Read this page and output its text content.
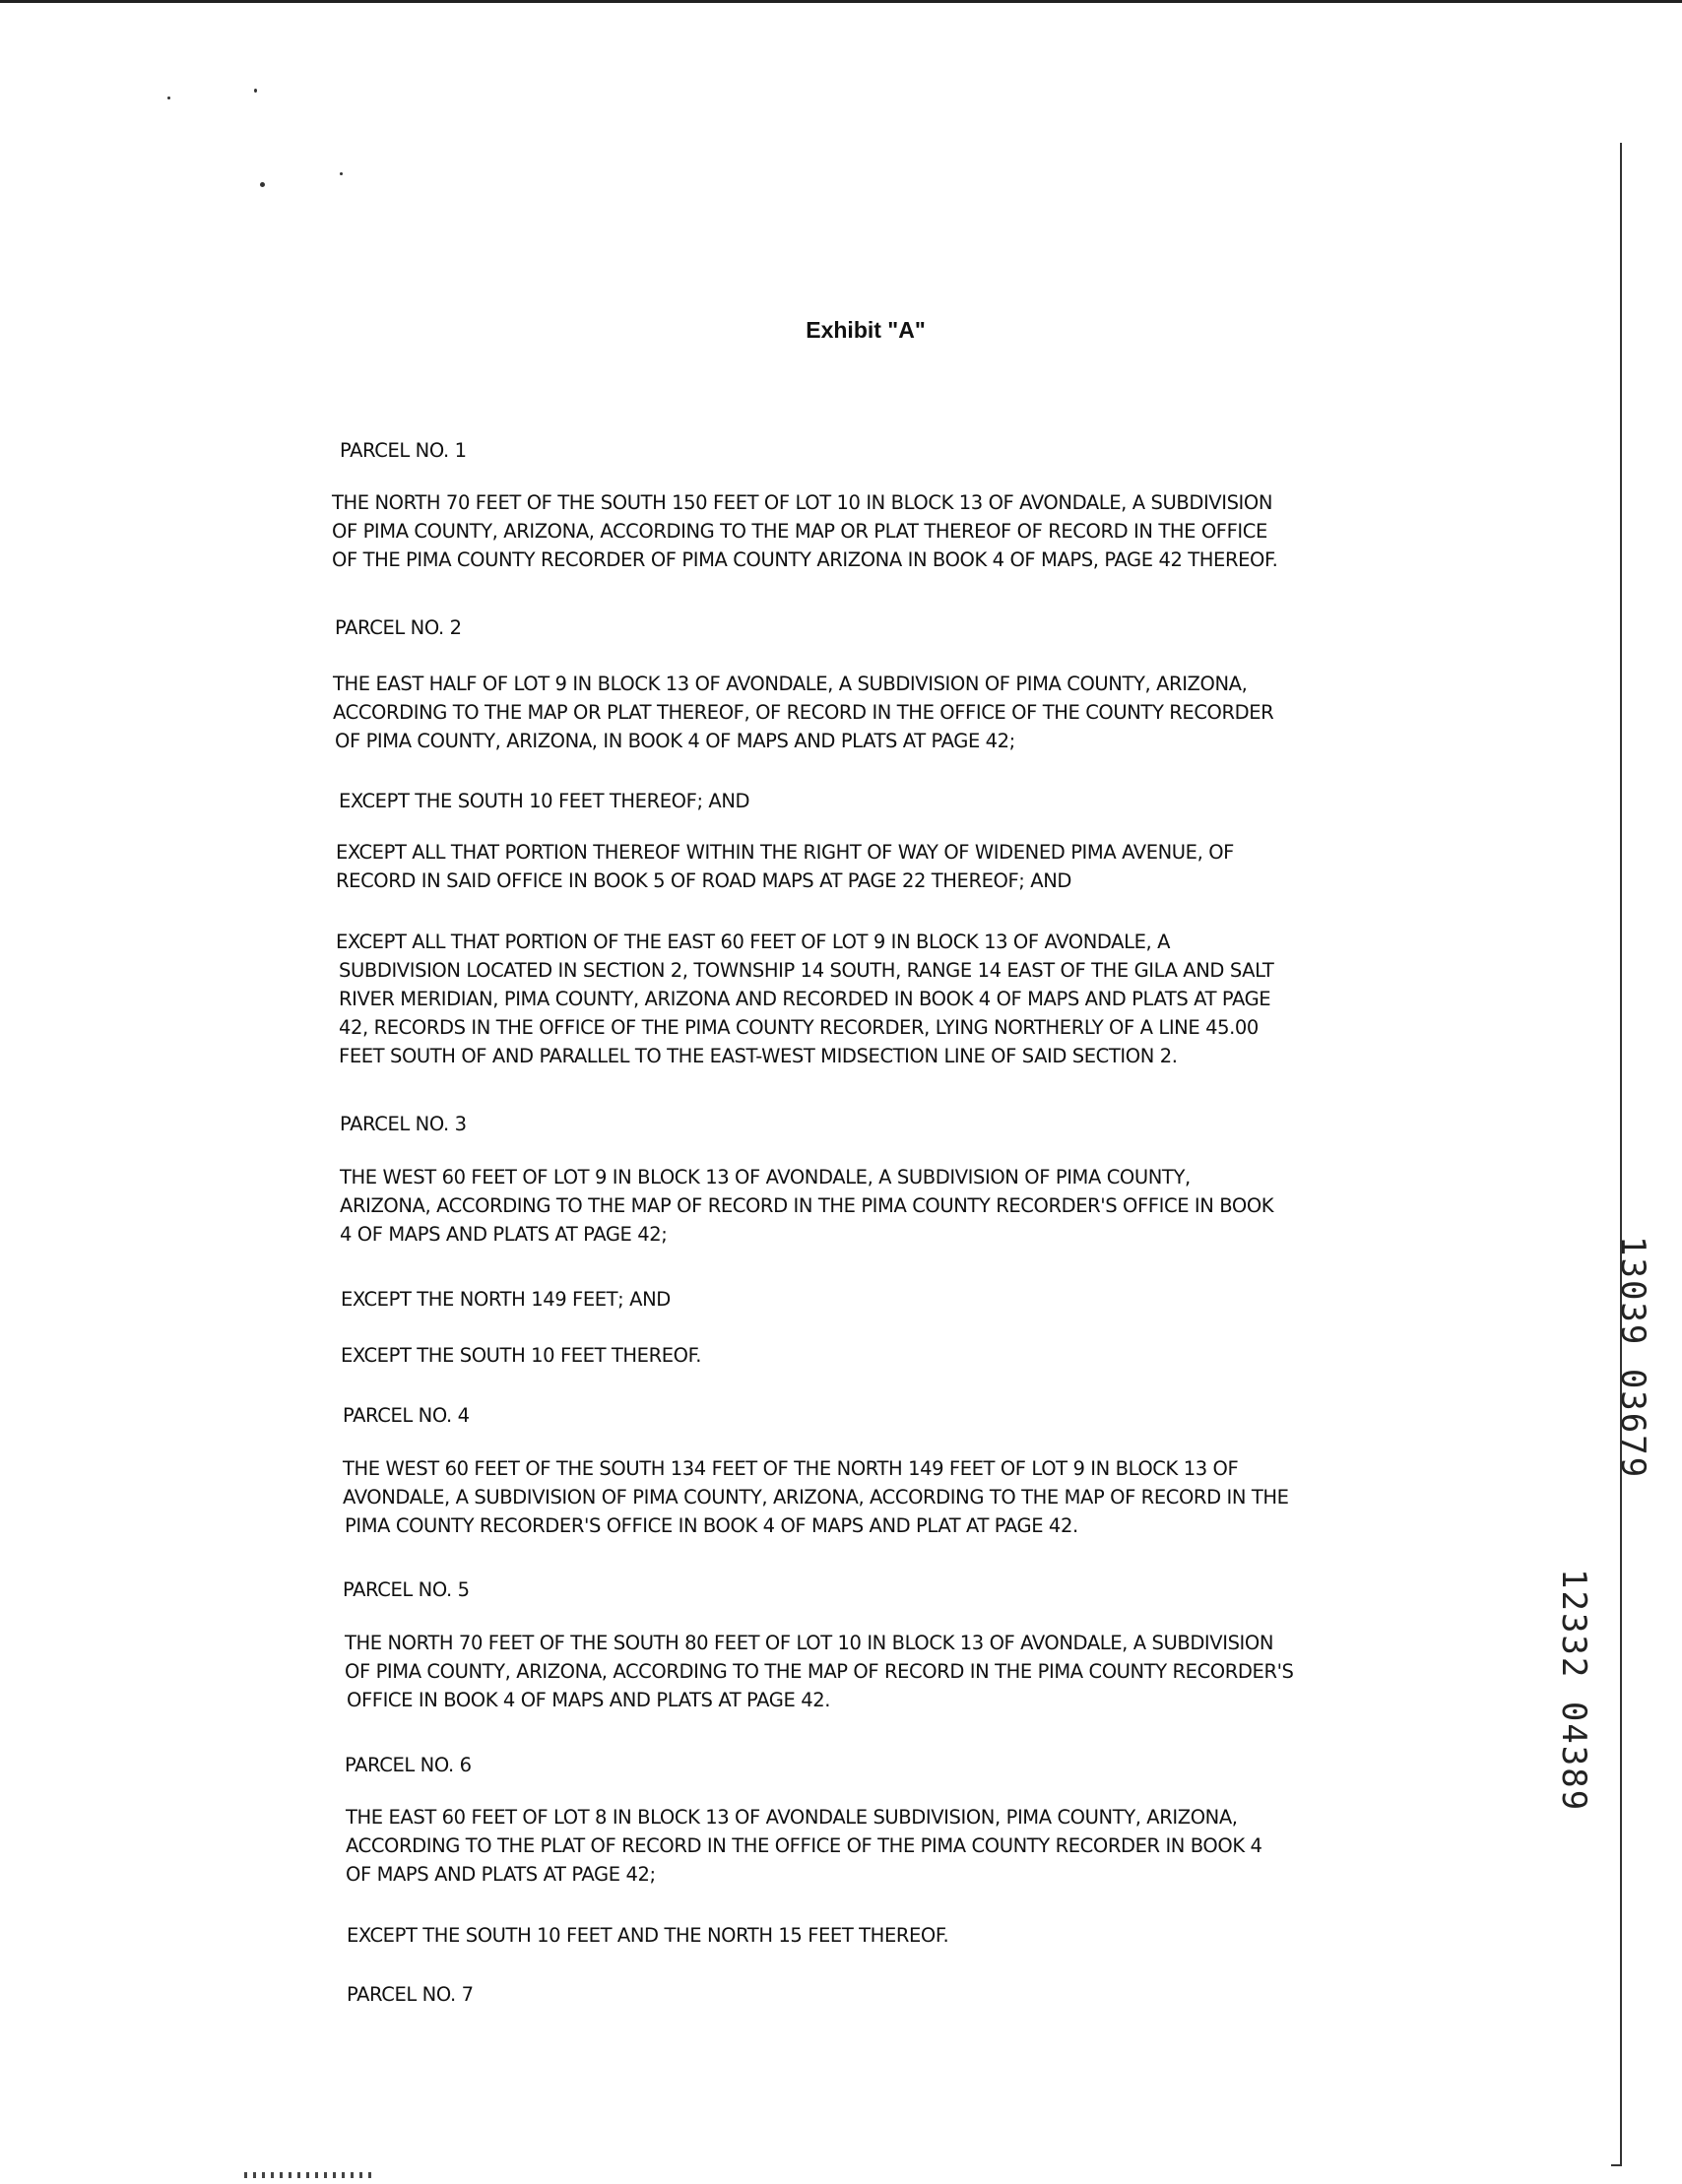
Exhibit "A"
PARCEL NO. 1
THE NORTH 70 FEET OF THE SOUTH 150 FEET OF LOT 10 IN BLOCK 13 OF AVONDALE, A SUBDIVISION
OF PIMA COUNTY, ARIZONA, ACCORDING TO THE MAP OR PLAT THEREOF OF RECORD IN THE OFFICE
OF THE PIMA COUNTY RECORDER OF PIMA COUNTY ARIZONA IN BOOK 4 OF MAPS, PAGE 42 THEREOF.
PARCEL NO. 2
THE EAST HALF OF LOT 9 IN BLOCK 13 OF AVONDALE, A SUBDIVISION OF PIMA COUNTY, ARIZONA,
ACCORDING TO THE MAP OR PLAT THEREOF, OF RECORD IN THE OFFICE OF THE COUNTY RECORDER
OF PIMA COUNTY, ARIZONA, IN BOOK 4 OF MAPS AND PLATS AT PAGE 42;
EXCEPT THE SOUTH 10 FEET THEREOF; AND
EXCEPT ALL THAT PORTION THEREOF WITHIN THE RIGHT OF WAY OF WIDENED PIMA AVENUE, OF
RECORD IN SAID OFFICE IN BOOK 5 OF ROAD MAPS AT PAGE 22 THEREOF; AND
EXCEPT ALL THAT PORTION OF THE EAST 60 FEET OF LOT 9 IN BLOCK 13 OF AVONDALE, A
SUBDIVISION LOCATED IN SECTION 2, TOWNSHIP 14 SOUTH, RANGE 14 EAST OF THE GILA AND SALT
RIVER MERIDIAN, PIMA COUNTY, ARIZONA AND RECORDED IN BOOK 4 OF MAPS AND PLATS AT PAGE
42, RECORDS IN THE OFFICE OF THE PIMA COUNTY RECORDER, LYING NORTHERLY OF A LINE 45.00
FEET SOUTH OF AND PARALLEL TO THE EAST-WEST MIDSECTION LINE OF SAID SECTION 2.
PARCEL NO. 3
THE WEST 60 FEET OF LOT 9 IN BLOCK 13 OF AVONDALE, A SUBDIVISION OF PIMA COUNTY,
ARIZONA, ACCORDING TO THE MAP OF RECORD IN THE PIMA COUNTY RECORDER'S OFFICE IN BOOK
4 OF MAPS AND PLATS AT PAGE 42;
EXCEPT THE NORTH 149 FEET; AND
EXCEPT THE SOUTH 10 FEET THEREOF.
PARCEL NO. 4
THE WEST 60 FEET OF THE SOUTH 134 FEET OF THE NORTH 149 FEET OF LOT 9 IN BLOCK 13 OF
AVONDALE, A SUBDIVISION OF PIMA COUNTY, ARIZONA, ACCORDING TO THE MAP OF RECORD IN THE
PIMA COUNTY RECORDER'S OFFICE IN BOOK 4 OF MAPS AND PLAT AT PAGE 42.
PARCEL NO. 5
THE NORTH 70 FEET OF THE SOUTH 80 FEET OF LOT 10 IN BLOCK 13 OF AVONDALE, A SUBDIVISION
OF PIMA COUNTY, ARIZONA, ACCORDING TO THE MAP OF RECORD IN THE PIMA COUNTY RECORDER'S
OFFICE IN BOOK 4 OF MAPS AND PLATS AT PAGE 42.
PARCEL NO. 6
THE EAST 60 FEET OF LOT 8 IN BLOCK 13 OF AVONDALE SUBDIVISION, PIMA COUNTY, ARIZONA,
ACCORDING TO THE PLAT OF RECORD IN THE OFFICE OF THE PIMA COUNTY RECORDER IN BOOK 4
OF MAPS AND PLATS AT PAGE 42;
EXCEPT THE SOUTH 10 FEET AND THE NORTH 15 FEET THEREOF.
PARCEL NO. 7
13039 03679
12332 04389
